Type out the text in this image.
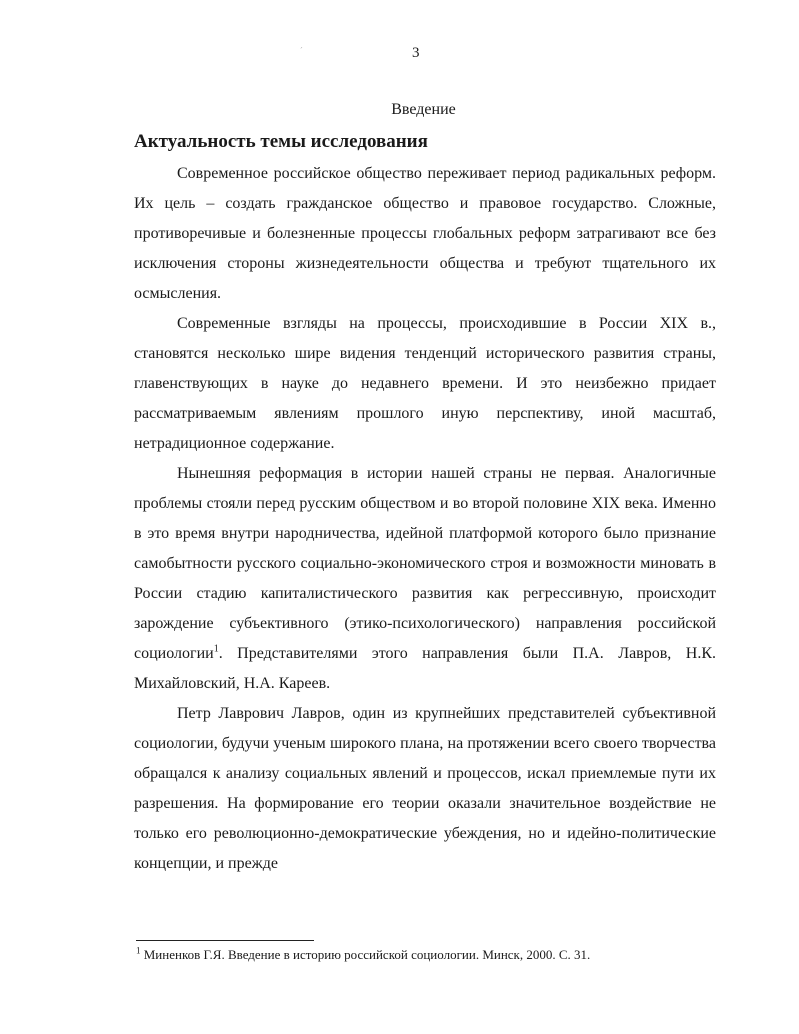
´	3
Введение
Актуальность темы исследования

Современное российское общество переживает период радикальных реформ. Их цель – создать гражданское общество и правовое государство. Сложные, противоречивые и болезненные процессы глобальных реформ затрагивают все без исключения стороны жизнедеятельности общества и требуют тщательного их осмысления.

Современные взгляды на процессы, происходившие в России XIX в., становятся несколько шире видения тенденций исторического развития страны, главенствующих в науке до недавнего времени. И это неизбежно придает рассматриваемым явлениям прошлого иную перспективу, иной масштаб, нетрадиционное содержание.

Нынешняя реформация в истории нашей страны не первая. Аналогичные проблемы стояли перед русским обществом и во второй половине XIX века. Именно в это время внутри народничества, идейной платформой которого было признание самобытности русского социально-экономического строя и возможности миновать в России стадию капиталистического развития как регрессивную, происходит зарождение субъективного (этико-психологического) направления российской социологии$^1$. Представителями этого направления были П.А. Лавров, Н.К. Михайловский, Н.А. Кареев.

Петр Лаврович Лавров, один из крупнейших представителей субъективной социологии, будучи ученым широкого плана, на протяжении всего своего творчества обращался к анализу социальных явлений и процессов, искал приемлемые пути их разрешения. На формирование его теории оказали значительное воздействие не только его революционно-демократические убеждения, но и идейно-политические концепции, и прежде

$^1$ Миненков Г.Я. Введение в историю российской социологии. Минск, 2000. С. 31.
